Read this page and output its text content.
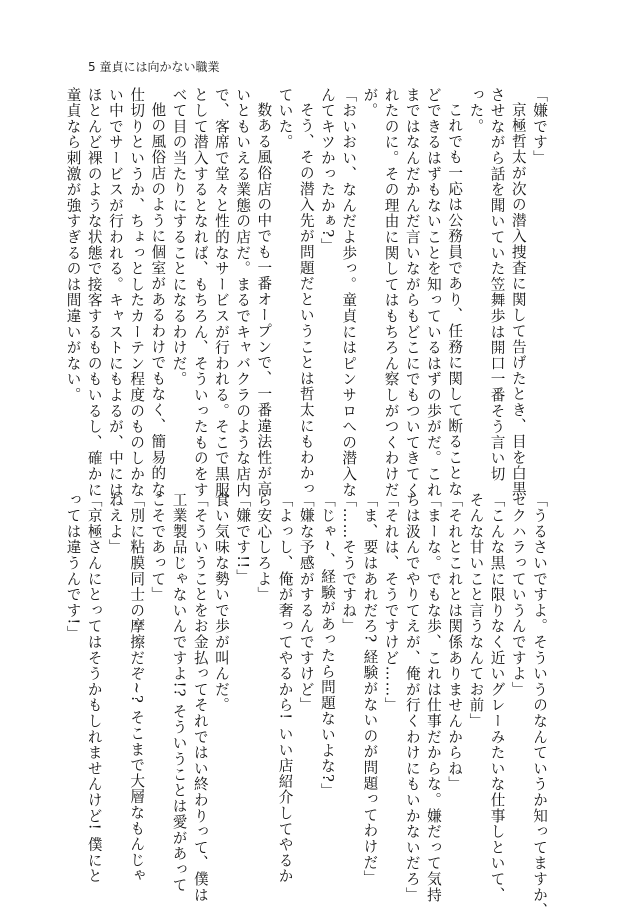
5 童貞には向かない職業

「嫌です」

京極哲太が次の潜入捜査に関して告げたとき、目を白黒
させながら話を聞いていた笠舞歩は開口一番そう言い切
った。

これでも一応は公務員であり、任務に関して断ることな
どできるはずもないことを知っているはずの歩がだ。これ
まではなんだかんだ言いながらもどこにでもついてきてく
れたのに。その理由に関してはもちろん察しがつくわけだ
が。

「おいおい、なんだよ歩っ。童貞にはピンサロへの潜入な
んてキツかったかぁ?」

そう、その潜入先が問題だということは哲太にもわかっ
ていた。

数ある風俗店の中でも一番オープンで、一番違法性が高
いともいえる業態の店だ。まるでキャバクラのような店内
で、客席で堂々と性的なサービスが行われる。そこで黒服
として潜入するとなれば、もちろん、そういったものをす
べて目の当たりにすることになるわけだ。

他の風俗店のように個室があるわけでもなく、簡易的な
仕切りというか、ちょっとしたカーテン程度のものしかな
い中でサービスが行われる。キャストにもよるが、中には
ほとんど裸のような状態で接客するものもいるし、確かに
童貞なら刺激が強すぎるのは間違いがない。

「うるさいですよ。そういうのなんていうか知ってますか、
セクハラっていうんですよ」

「こんな黒に限りなく近いグレーみたいな仕事しといて、
そんな甘いこと言うなんてお前」

「それとこれとは関係ありませんからね」

「まーな。でもな歩、これは仕事だからな。嫌だって気持
ちは汲んでやりてえが、俺が行くわけにもいかないだろ」

「それは、そうですけど……」

「ま、要はあれだろ? 経験がないのが問題ってわけだ」

「……そうですね」

「じゃ~、経験があったら問題ないよな?」

「嫌な予感がするんですけど」

「よっし、俺が奢ってやるから! いい店紹介してやるか
ら安心しろよ」

「嫌です!!」

食い気味な勢いで歩が叫んだ。

「そういうことをお金払ってそれではい終わりって、僕は
工業製品じゃないんですよ!? そういうことは愛があって
こそであって」

「別に粘膜同士の摩擦だぞ~? そこまで大層なもんじゃ
ねえよ」

「京極さんにとってはそうかもしれませんけど! 僕にと
っては違うんです!」
